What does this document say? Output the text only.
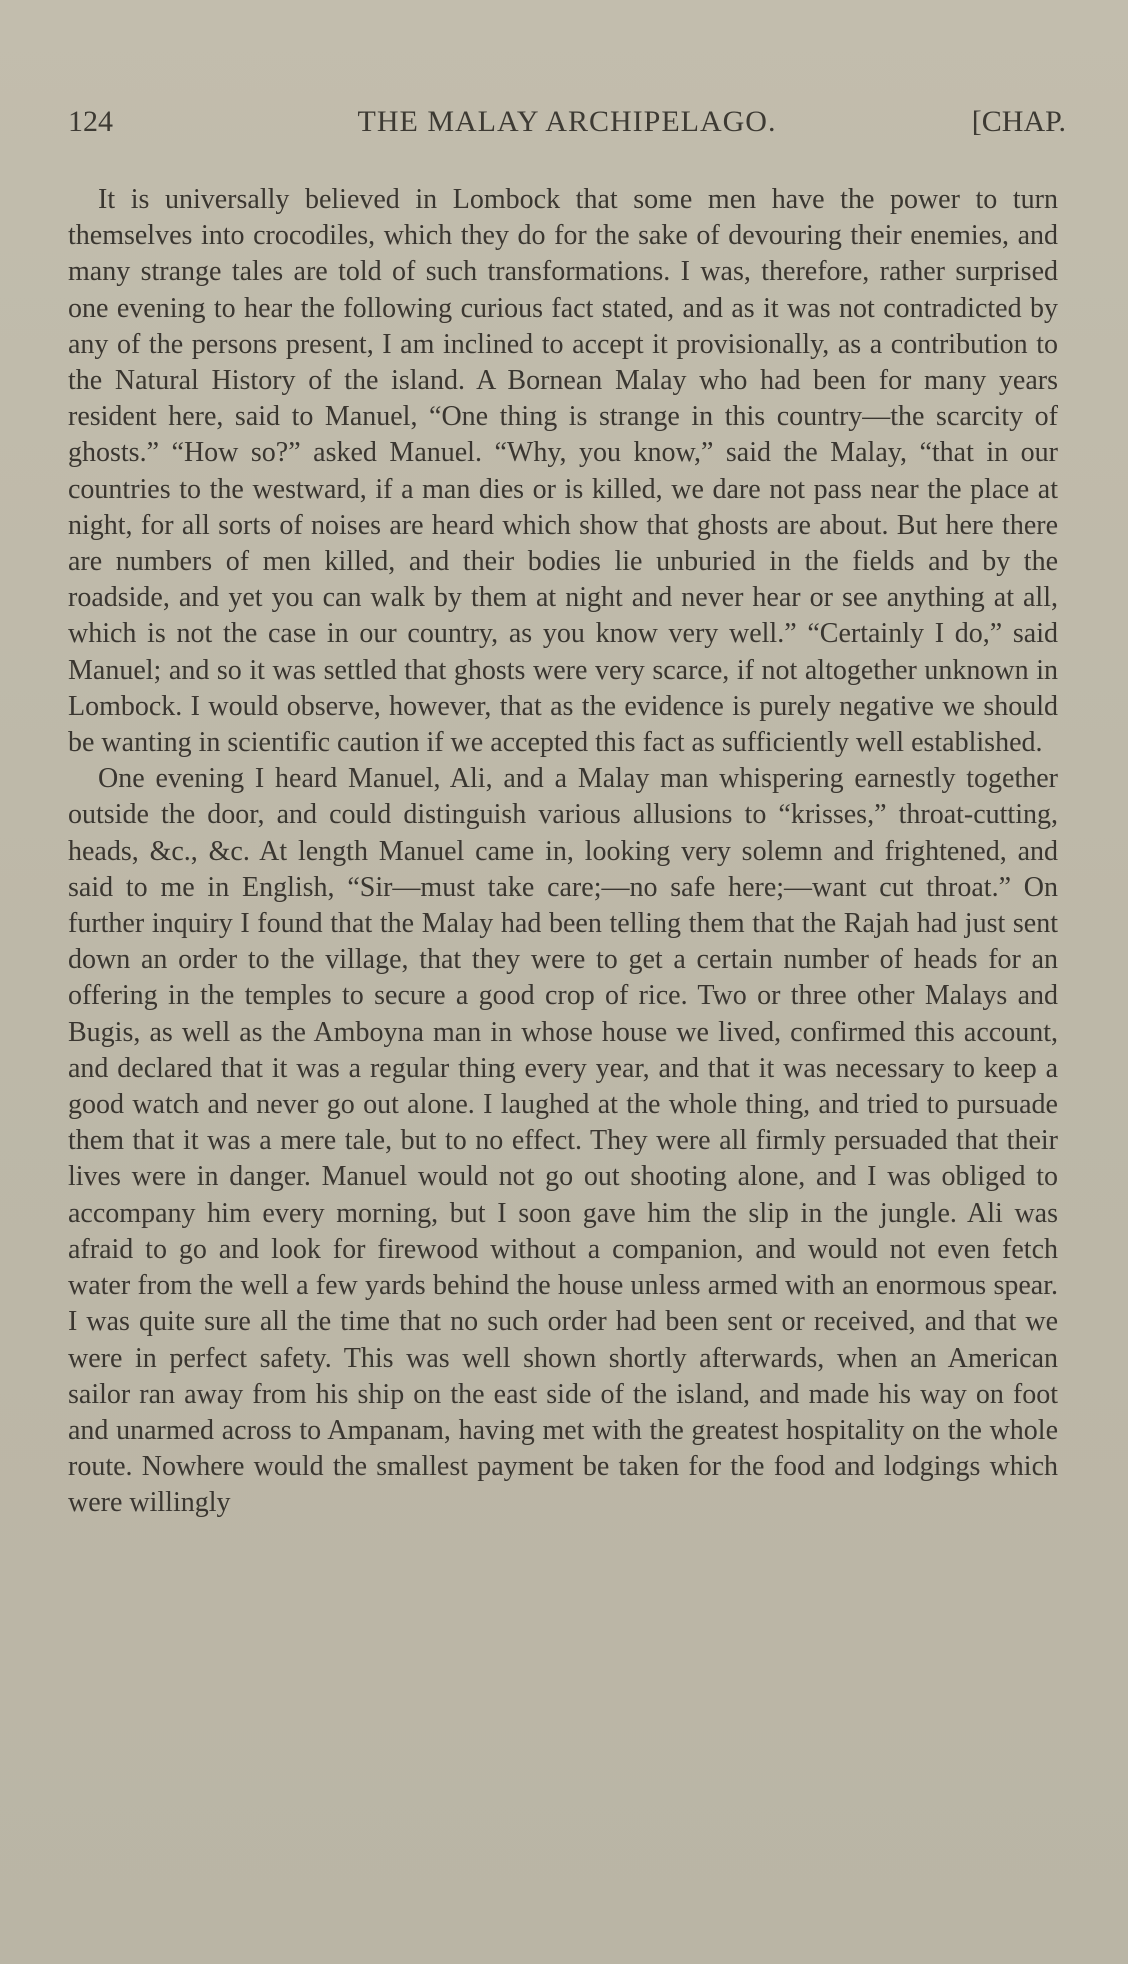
124	THE MALAY ARCHIPELAGO.	[CHAP.

It is universally believed in Lombock that some men have the power to turn themselves into crocodiles, which they do for the sake of devouring their enemies, and many strange tales are told of such transformations. I was, therefore, rather surprised one evening to hear the following curious fact stated, and as it was not contradicted by any of the persons present, I am inclined to accept it provisionally, as a contribution to the Natural History of the island. A Bornean Malay who had been for many years resident here, said to Manuel, “One thing is strange in this country—the scarcity of ghosts.” “How so?” asked Manuel. “Why, you know,” said the Malay, “that in our countries to the westward, if a man dies or is killed, we dare not pass near the place at night, for all sorts of noises are heard which show that ghosts are about. But here there are numbers of men killed, and their bodies lie unburied in the fields and by the roadside, and yet you can walk by them at night and never hear or see anything at all, which is not the case in our country, as you know very well.” “Certainly I do,” said Manuel; and so it was settled that ghosts were very scarce, if not altogether unknown in Lombock. I would observe, however, that as the evidence is purely negative we should be wanting in scientific caution if we accepted this fact as sufficiently well established.

One evening I heard Manuel, Ali, and a Malay man whispering earnestly together outside the door, and could distinguish various allusions to “krisses,” throat-cutting, heads, &c., &c. At length Manuel came in, looking very solemn and frightened, and said to me in English, “Sir—must take care;—no safe here;—want cut throat.” On further inquiry I found that the Malay had been telling them that the Rajah had just sent down an order to the village, that they were to get a certain number of heads for an offering in the temples to secure a good crop of rice. Two or three other Malays and Bugis, as well as the Amboyna man in whose house we lived, confirmed this account, and declared that it was a regular thing every year, and that it was necessary to keep a good watch and never go out alone. I laughed at the whole thing, and tried to pursuade them that it was a mere tale, but to no effect. They were all firmly persuaded that their lives were in danger. Manuel would not go out shooting alone, and I was obliged to accompany him every morning, but I soon gave him the slip in the jungle. Ali was afraid to go and look for firewood without a companion, and would not even fetch water from the well a few yards behind the house unless armed with an enormous spear. I was quite sure all the time that no such order had been sent or received, and that we were in perfect safety. This was well shown shortly afterwards, when an American sailor ran away from his ship on the east side of the island, and made his way on foot and unarmed across to Ampanam, having met with the greatest hospitality on the whole route. Nowhere would the smallest payment be taken for the food and lodgings which were willingly
